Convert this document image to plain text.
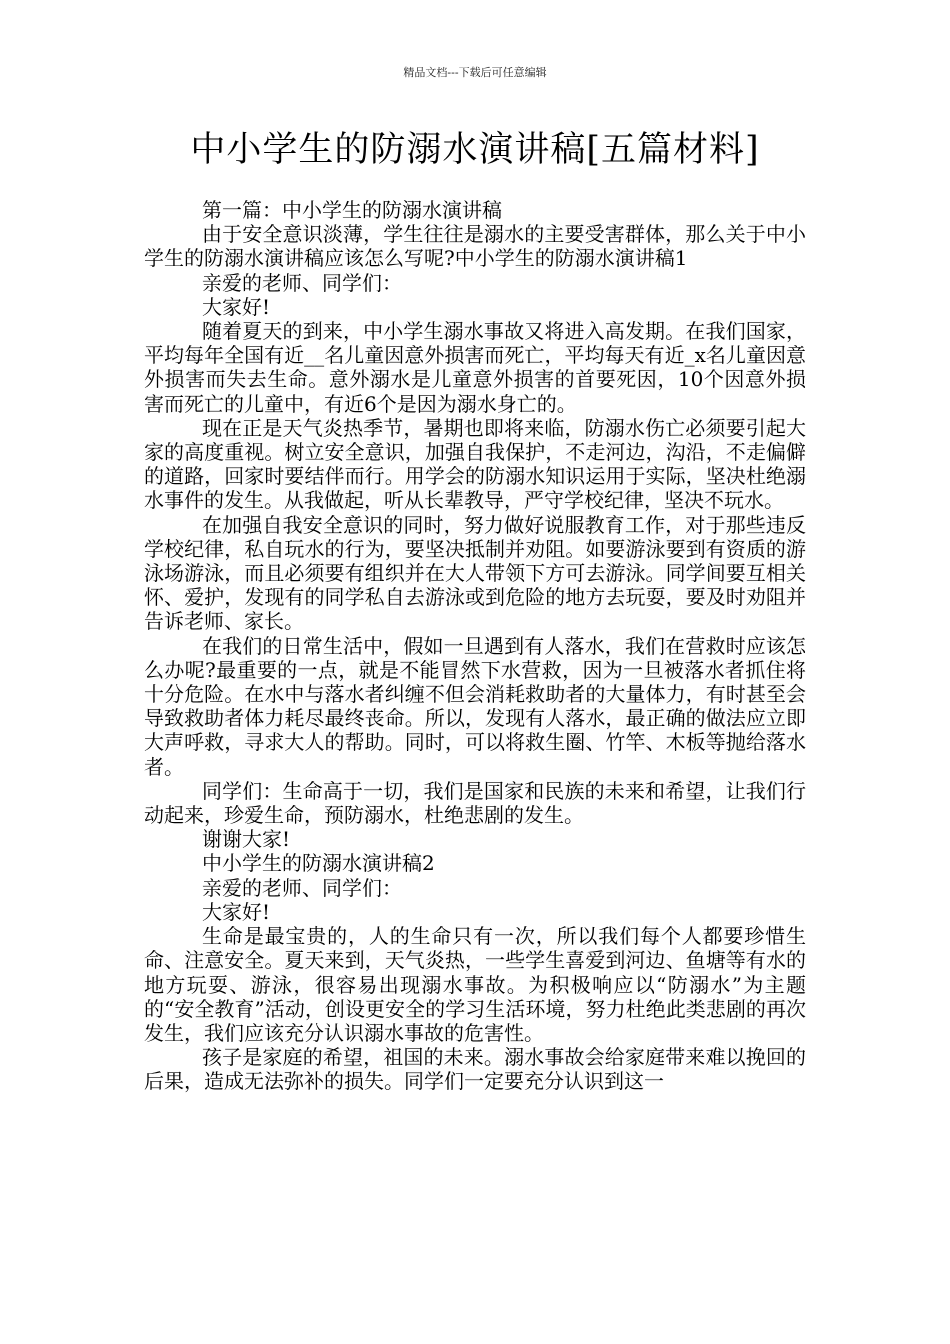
精品文档---下载后可任意编辑
中小学生的防溺水演讲稿[五篇材料]

第一篇：中小学生的防溺水演讲稿

由于安全意识淡薄，学生往往是溺水的主要受害群体，那么关于中小学生的防溺水演讲稿应该怎么写呢?中小学生的防溺水演讲稿1

亲爱的老师、同学们：

大家好!

随着夏天的到来，中小学生溺水事故又将进入高发期。在我们国家，平均每年全国有近__名儿童因意外损害而死亡，平均每天有近_x名儿童因意外损害而失去生命。意外溺水是儿童意外损害的首要死因，10个因意外损害而死亡的儿童中，有近6个是因为溺水身亡的。

现在正是天气炎热季节，暑期也即将来临，防溺水伤亡必须要引起大家的高度重视。树立安全意识，加强自我保护，不走河边，沟沿，不走偏僻的道路，回家时要结伴而行。用学会的防溺水知识运用于实际，坚决杜绝溺水事件的发生。从我做起，听从长辈教导，严守学校纪律，坚决不玩水。

在加强自我安全意识的同时，努力做好说服教育工作，对于那些违反学校纪律，私自玩水的行为，要坚决抵制并劝阻。如要游泳要到有资质的游泳场游泳，而且必须要有组织并在大人带领下方可去游泳。同学间要互相关怀、爱护，发现有的同学私自去游泳或到危险的地方去玩耍，要及时劝阻并告诉老师、家长。

在我们的日常生活中，假如一旦遇到有人落水，我们在营救时应该怎么办呢?最重要的一点，就是不能冒然下水营救，因为一旦被落水者抓住将十分危险。在水中与落水者纠缠不但会消耗救助者的大量体力，有时甚至会导致救助者体力耗尽最终丧命。所以，发现有人落水，最正确的做法应立即大声呼救，寻求大人的帮助。同时，可以将救生圈、竹竿、木板等抛给落水者。

同学们：生命高于一切，我们是国家和民族的未来和希望，让我们行动起来，珍爱生命，预防溺水，杜绝悲剧的发生。

谢谢大家!

中小学生的防溺水演讲稿2

亲爱的老师、同学们：

大家好!

生命是最宝贵的，人的生命只有一次，所以我们每个人都要珍惜生命、注意安全。夏天来到，天气炎热，一些学生喜爱到河边、鱼塘等有水的地方玩耍、游泳，很容易出现溺水事故。为积极响应以“防溺水”为主题的“安全教育”活动，创设更安全的学习生活环境，努力杜绝此类悲剧的再次发生，我们应该充分认识溺水事故的危害性。

孩子是家庭的希望，祖国的未来。溺水事故会给家庭带来难以挽回的后果，造成无法弥补的损失。同学们一定要充分认识到这一
